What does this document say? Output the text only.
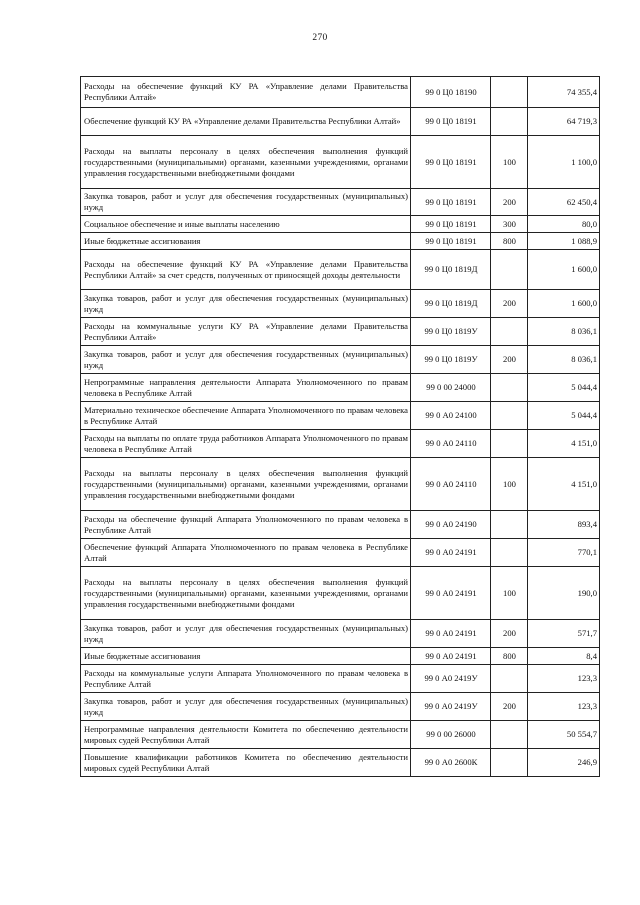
270
Расходы на обеспечение функций КУ РА «Управление делами Правительства Республики Алтай»	99 0 Ц0 18190		74 355,4
Обеспечение функций КУ РА «Управление делами Правительства Республики Алтай»	99 0 Ц0 18191		64 719,3
Расходы на выплаты персоналу в целях обеспечения выполнения функций государственными (муниципальными) органами, казенными учреждениями, органами управления государственными внебюджетными фондами	99 0 Ц0 18191	100	1 100,0
Закупка товаров, работ и услуг для обеспечения государственных (муниципальных) нужд	99 0 Ц0 18191	200	62 450,4
Социальное обеспечение и иные выплаты населению	99 0 Ц0 18191	300	80,0
Иные бюджетные ассигнования	99 0 Ц0 18191	800	1 088,9
Расходы на обеспечение функций КУ РА «Управление делами Правительства Республики Алтай» за счет средств, полученных от приносящей доходы деятельности	99 0 Ц0 1819Д		1 600,0
Закупка товаров, работ и услуг для обеспечения государственных (муниципальных) нужд	99 0 Ц0 1819Д	200	1 600,0
Расходы на коммунальные услуги КУ РА «Управление делами Правительства Республики Алтай»	99 0 Ц0 1819У		8 036,1
Закупка товаров, работ и услуг для обеспечения государственных (муниципальных) нужд	99 0 Ц0 1819У	200	8 036,1
Непрограммные направления деятельности Аппарата Уполномоченного по правам человека в Республике Алтай	99 0 00 24000		5 044,4
Материально техническое обеспечение Аппарата Уполномоченного по правам человека в Республике Алтай	99 0 А0 24100		5 044,4
Расходы на выплаты по оплате труда работников Аппарата Уполномоченного по правам человека в Республике Алтай	99 0 А0 24110		4 151,0
Расходы на выплаты персоналу в целях обеспечения выполнения функций государственными (муниципальными) органами, казенными учреждениями, органами управления государственными внебюджетными фондами	99 0 А0 24110	100	4 151,0
Расходы на обеспечение функций Аппарата Уполномоченного по правам человека в Республике Алтай	99 0 А0 24190		893,4
Обеспечение функций Аппарата Уполномоченного по правам человека в Республике Алтай	99 0 А0 24191		770,1
Расходы на выплаты персоналу в целях обеспечения выполнения функций государственными (муниципальными) органами, казенными учреждениями, органами управления государственными внебюджетными фондами	99 0 А0 24191	100	190,0
Закупка товаров, работ и услуг для обеспечения государственных (муниципальных) нужд	99 0 А0 24191	200	571,7
Иные бюджетные ассигнования	99 0 А0 24191	800	8,4
Расходы на коммунальные услуги Аппарата Уполномоченного по правам человека в Республике Алтай	99 0 А0 2419У		123,3
Закупка товаров, работ и услуг для обеспечения государственных (муниципальных) нужд	99 0 А0 2419У	200	123,3
Непрограммные направления деятельности Комитета по обеспечению деятельности мировых судей Республики Алтай	99 0 00 26000		50 554,7
Повышение квалификации работников Комитета по обеспечению деятельности мировых судей Республики Алтай	99 0 А0 2600К		246,9
